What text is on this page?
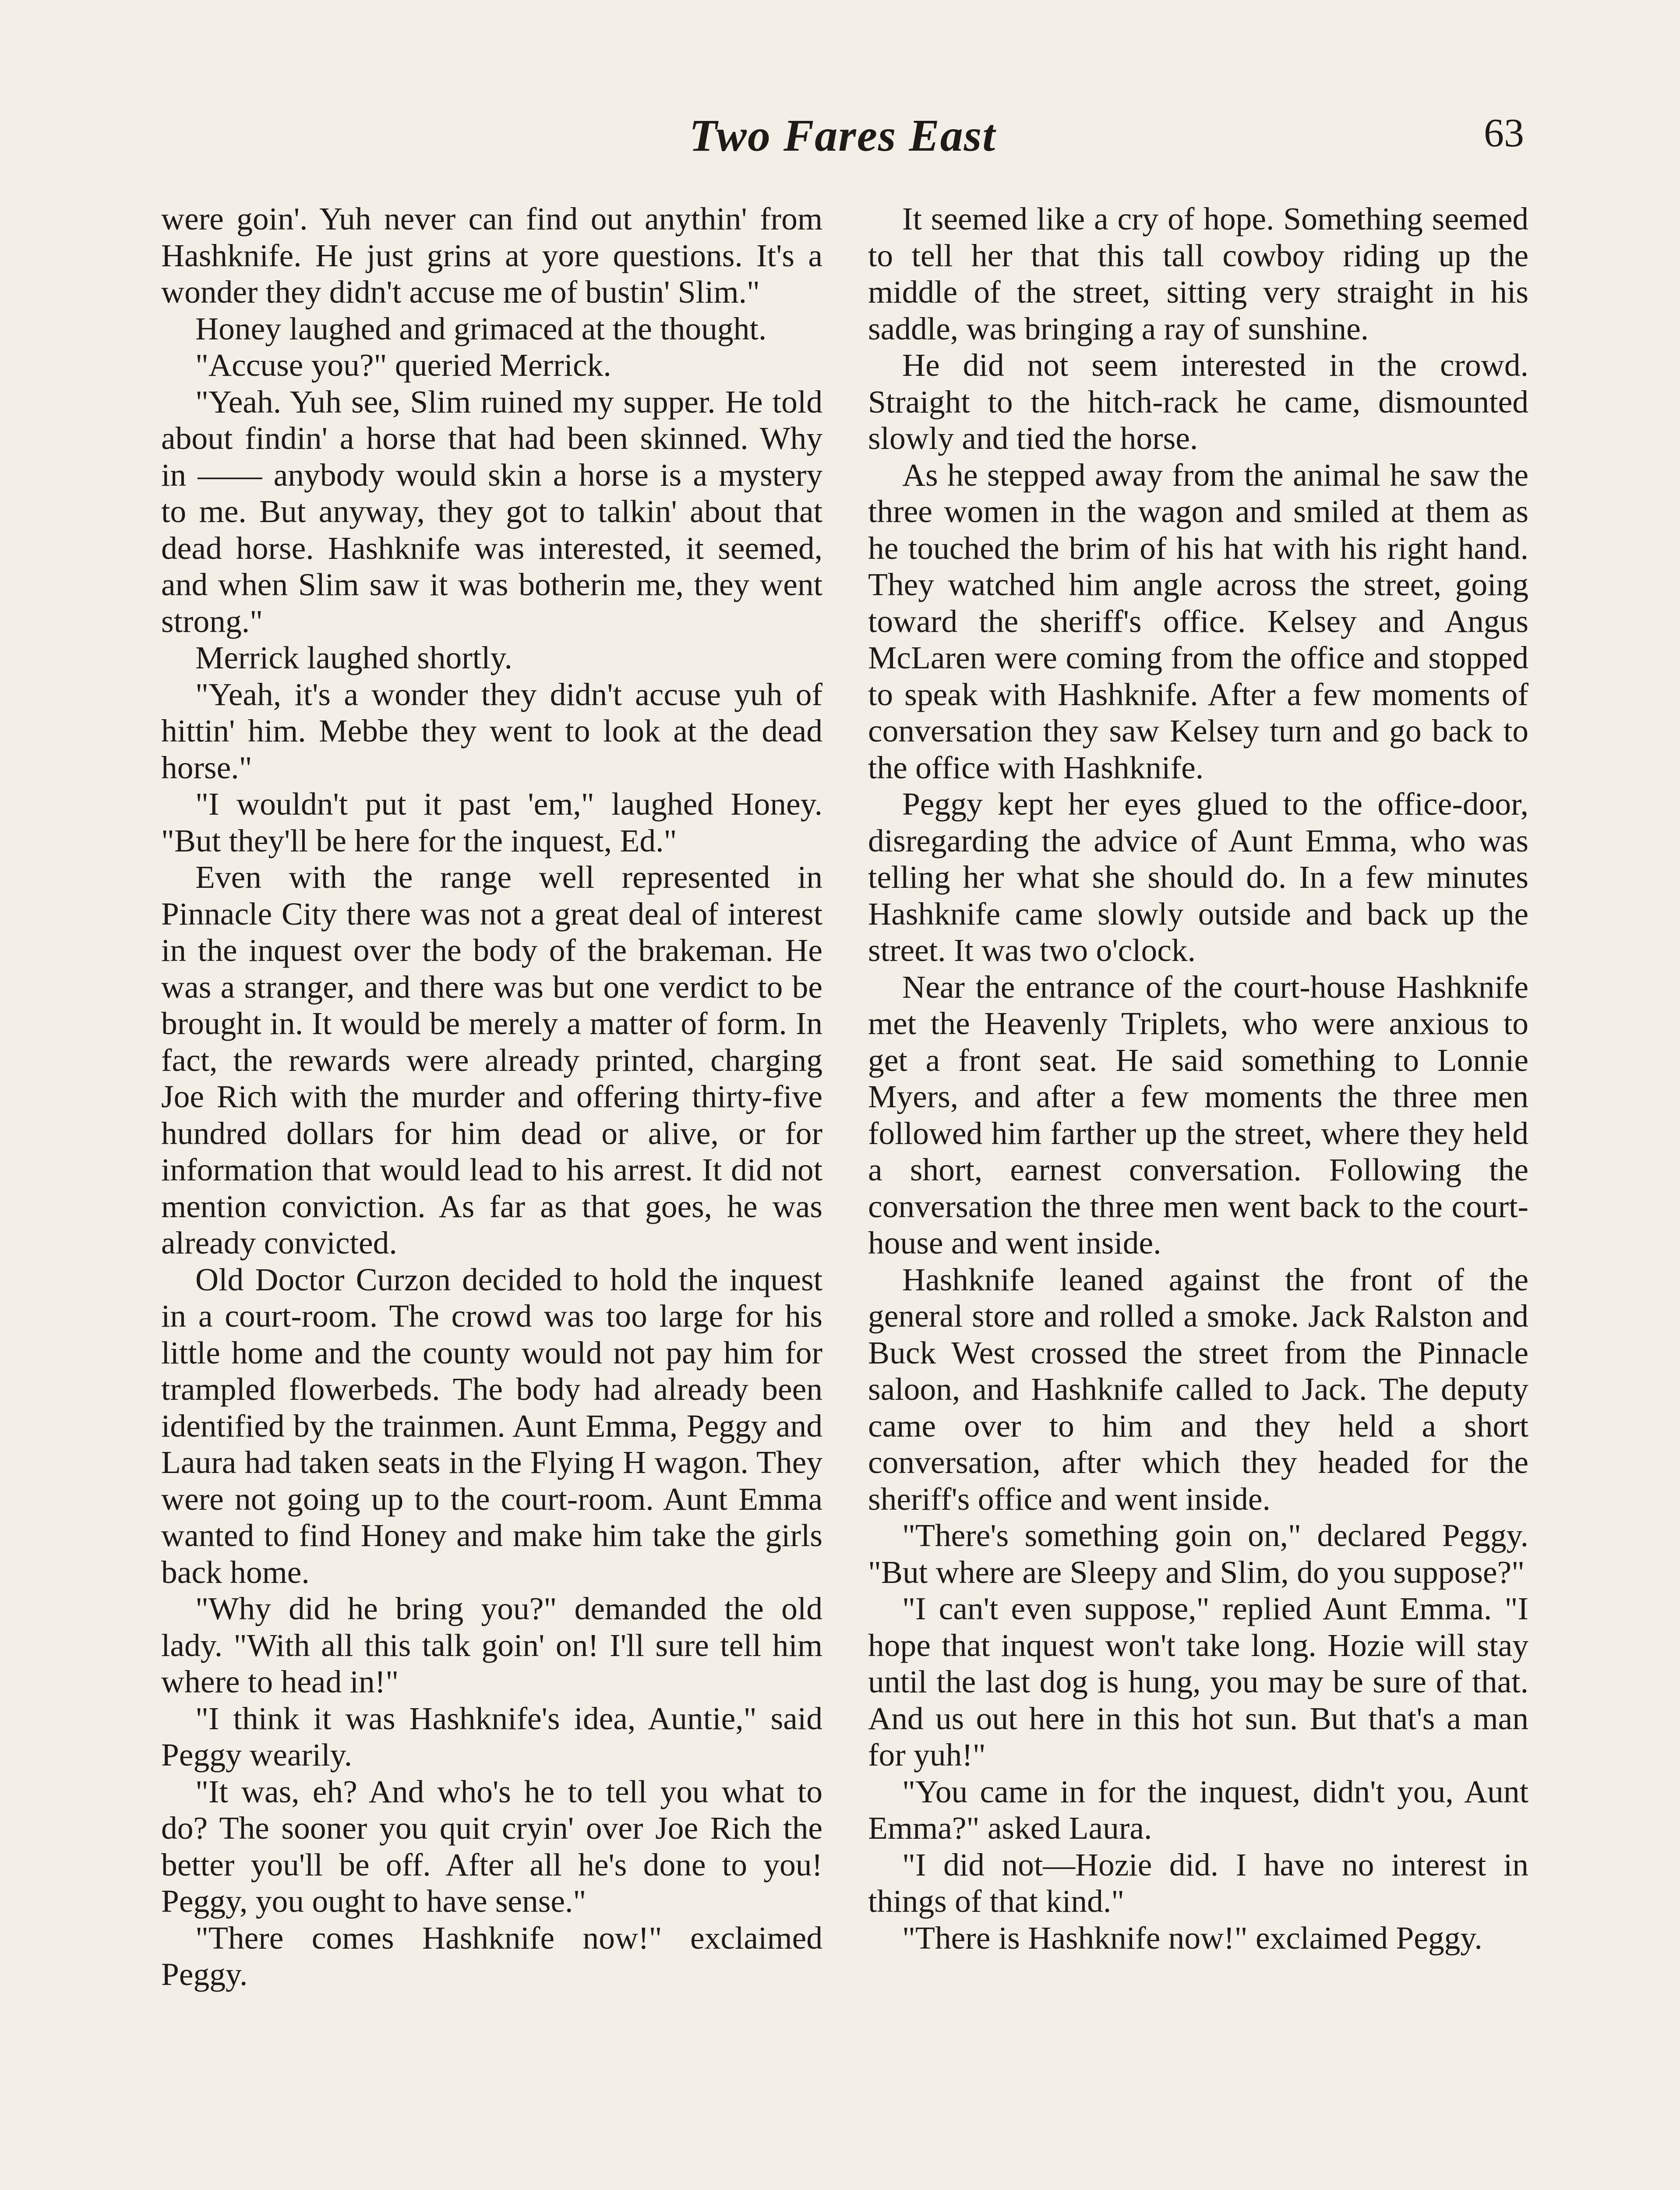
Two Fares East	63

were goin'. Yuh never can find out anythin' from Hashknife. He just grins at yore questions. It's a wonder they didn't accuse me of bustin' Slim."

Honey laughed and grimaced at the thought.

"Accuse you?" queried Merrick.

"Yeah. Yuh see, Slim ruined my supper. He told about findin' a horse that had been skinned. Why in —— anybody would skin a horse is a mystery to me. But anyway, they got to talkin' about that dead horse. Hashknife was interested, it seemed, and when Slim saw it was botherin me, they went strong."

Merrick laughed shortly.

"Yeah, it's a wonder they didn't accuse yuh of hittin' him. Mebbe they went to look at the dead horse."

"I wouldn't put it past 'em," laughed Honey. "But they'll be here for the inquest, Ed."

Even with the range well represented in Pinnacle City there was not a great deal of interest in the inquest over the body of the brakeman. He was a stranger, and there was but one verdict to be brought in. It would be merely a matter of form. In fact, the rewards were already printed, charging Joe Rich with the murder and offering thirty-five hundred dollars for him dead or alive, or for information that would lead to his arrest. It did not mention conviction. As far as that goes, he was already convicted.

Old Doctor Curzon decided to hold the inquest in a court-room. The crowd was too large for his little home and the county would not pay him for trampled flowerbeds. The body had already been identified by the trainmen. Aunt Emma, Peggy and Laura had taken seats in the Flying H wagon. They were not going up to the court-room. Aunt Emma wanted to find Honey and make him take the girls back home.

"Why did he bring you?" demanded the old lady. "With all this talk goin' on! I'll sure tell him where to head in!"

"I think it was Hashknife's idea, Auntie," said Peggy wearily.

"It was, eh? And who's he to tell you what to do? The sooner you quit cryin' over Joe Rich the better you'll be off. After all he's done to you! Peggy, you ought to have sense."

"There comes Hashknife now!" exclaimed Peggy.

It seemed like a cry of hope. Something seemed to tell her that this tall cowboy riding up the middle of the street, sitting very straight in his saddle, was bringing a ray of sunshine.

He did not seem interested in the crowd. Straight to the hitch-rack he came, dismounted slowly and tied the horse.

As he stepped away from the animal he saw the three women in the wagon and smiled at them as he touched the brim of his hat with his right hand. They watched him angle across the street, going toward the sheriff's office. Kelsey and Angus McLaren were coming from the office and stopped to speak with Hashknife. After a few moments of conversation they saw Kelsey turn and go back to the office with Hashknife.

Peggy kept her eyes glued to the office-door, disregarding the advice of Aunt Emma, who was telling her what she should do. In a few minutes Hashknife came slowly outside and back up the street. It was two o'clock.

Near the entrance of the court-house Hashknife met the Heavenly Triplets, who were anxious to get a front seat. He said something to Lonnie Myers, and after a few moments the three men followed him farther up the street, where they held a short, earnest conversation. Following the conversation the three men went back to the court-house and went inside.

Hashknife leaned against the front of the general store and rolled a smoke. Jack Ralston and Buck West crossed the street from the Pinnacle saloon, and Hashknife called to Jack. The deputy came over to him and they held a short conversation, after which they headed for the sheriff's office and went inside.

"There's something goin on," declared Peggy. "But where are Sleepy and Slim, do you suppose?"

"I can't even suppose," replied Aunt Emma. "I hope that inquest won't take long. Hozie will stay until the last dog is hung, you may be sure of that. And us out here in this hot sun. But that's a man for yuh!"

"You came in for the inquest, didn't you, Aunt Emma?" asked Laura.

"I did not—Hozie did. I have no interest in things of that kind."

"There is Hashknife now!" exclaimed Peggy.
